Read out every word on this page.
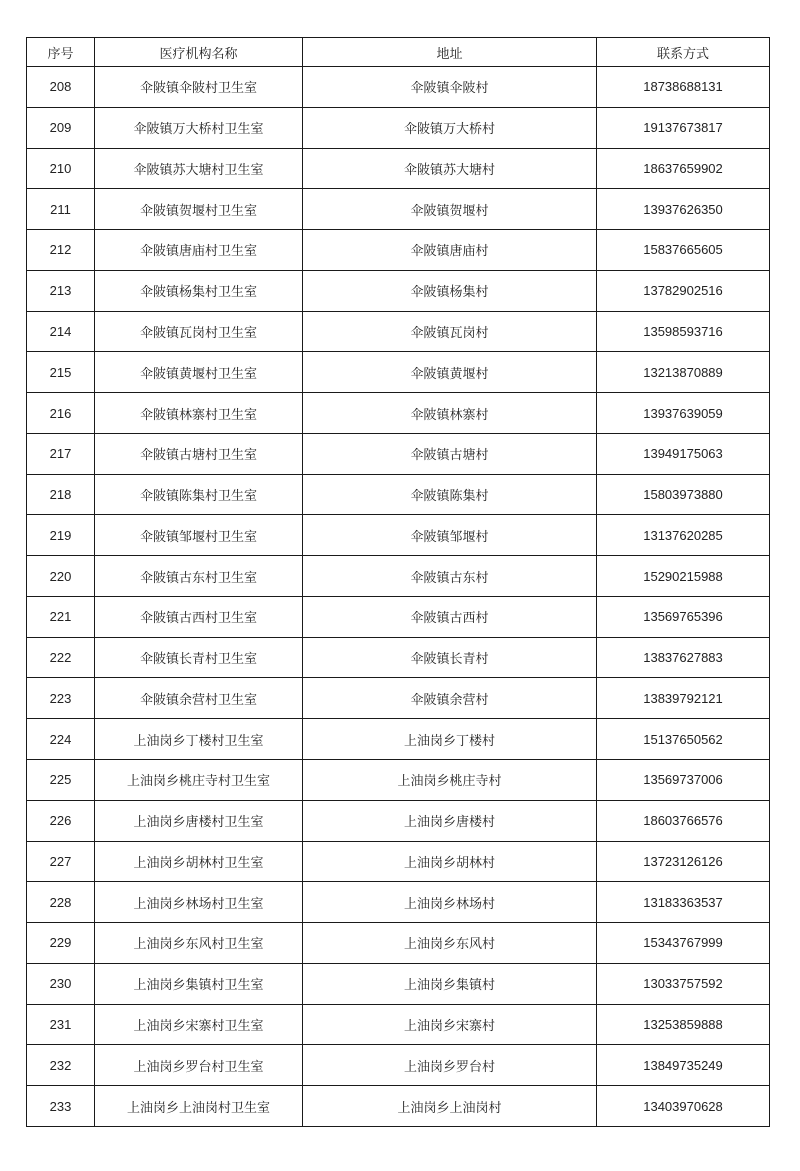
序号	医疗机构名称	地址	联系方式
208	伞陂镇伞陂村卫生室	伞陂镇伞陂村	18738688131
209	伞陂镇万大桥村卫生室	伞陂镇万大桥村	19137673817
210	伞陂镇苏大塘村卫生室	伞陂镇苏大塘村	18637659902
211	伞陂镇贺堰村卫生室	伞陂镇贺堰村	13937626350
212	伞陂镇唐庙村卫生室	伞陂镇唐庙村	15837665605
213	伞陂镇杨集村卫生室	伞陂镇杨集村	13782902516
214	伞陂镇瓦岗村卫生室	伞陂镇瓦岗村	13598593716
215	伞陂镇黄堰村卫生室	伞陂镇黄堰村	13213870889
216	伞陂镇林寨村卫生室	伞陂镇林寨村	13937639059
217	伞陂镇古塘村卫生室	伞陂镇古塘村	13949175063
218	伞陂镇陈集村卫生室	伞陂镇陈集村	15803973880
219	伞陂镇邹堰村卫生室	伞陂镇邹堰村	13137620285
220	伞陂镇古东村卫生室	伞陂镇古东村	15290215988
221	伞陂镇古西村卫生室	伞陂镇古西村	13569765396
222	伞陂镇长青村卫生室	伞陂镇长青村	13837627883
223	伞陂镇余营村卫生室	伞陂镇余营村	13839792121
224	上油岗乡丁楼村卫生室	上油岗乡丁楼村	15137650562
225	上油岗乡桃庄寺村卫生室	上油岗乡桃庄寺村	13569737006
226	上油岗乡唐楼村卫生室	上油岗乡唐楼村	18603766576
227	上油岗乡胡林村卫生室	上油岗乡胡林村	13723126126
228	上油岗乡林场村卫生室	上油岗乡林场村	13183363537
229	上油岗乡东风村卫生室	上油岗乡东风村	15343767999
230	上油岗乡集镇村卫生室	上油岗乡集镇村	13033757592
231	上油岗乡宋寨村卫生室	上油岗乡宋寨村	13253859888
232	上油岗乡罗台村卫生室	上油岗乡罗台村	13849735249
233	上油岗乡上油岗村卫生室	上油岗乡上油岗村	13403970628
